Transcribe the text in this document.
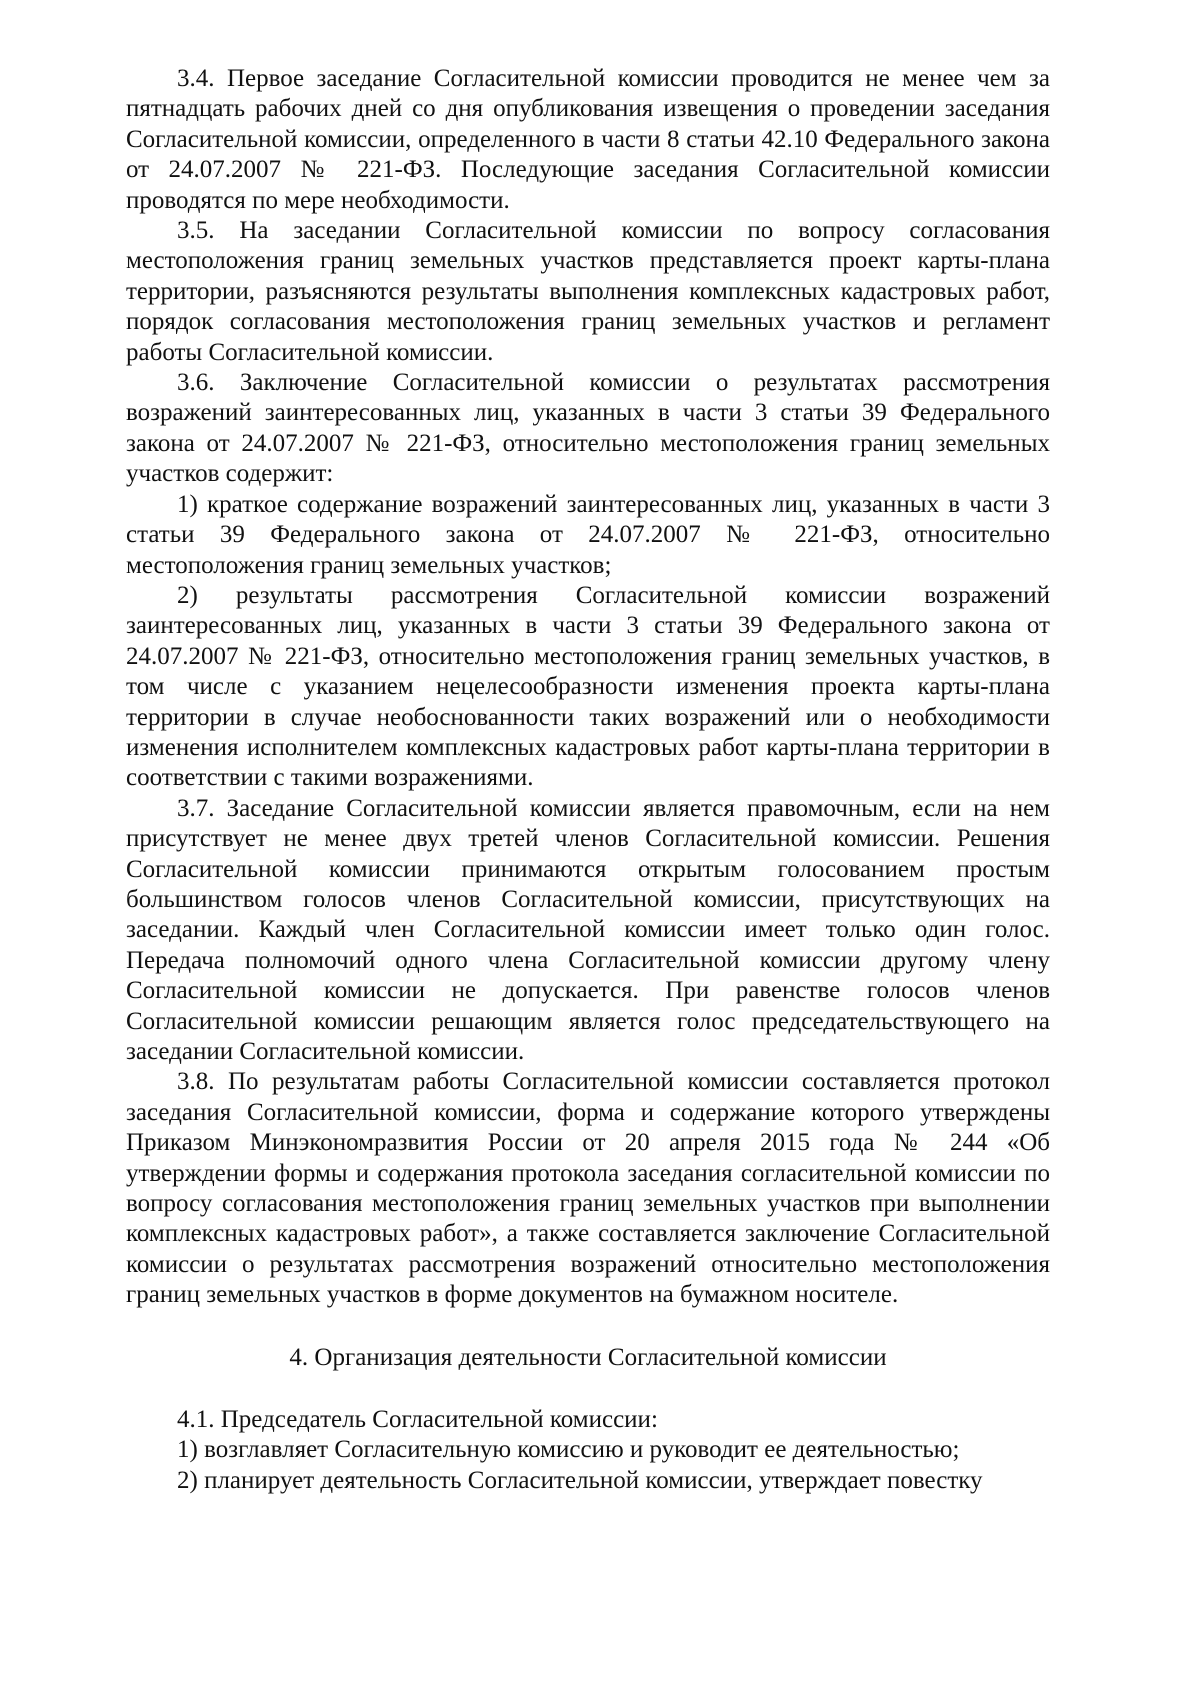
3.4. Первое заседание Согласительной комиссии проводится не менее чем за пятнадцать рабочих дней со дня опубликования извещения о проведении заседания Согласительной комиссии, определенного в части 8 статьи 42.10 Федерального закона от 24.07.2007 № 221-ФЗ. Последующие заседания Согласительной комиссии проводятся по мере необходимости.

3.5. На заседании Согласительной комиссии по вопросу согласования местоположения границ земельных участков представляется проект карты-плана территории, разъясняются результаты выполнения комплексных кадастровых работ, порядок согласования местоположения границ земельных участков и регламент работы Согласительной комиссии.

3.6. Заключение Согласительной комиссии о результатах рассмотрения возражений заинтересованных лиц, указанных в части 3 статьи 39 Федерального закона от 24.07.2007 № 221-ФЗ, относительно местоположения границ земельных участков содержит:

1) краткое содержание возражений заинтересованных лиц, указанных в части 3 статьи 39 Федерального закона от 24.07.2007 № 221-ФЗ, относительно местоположения границ земельных участков;

2) результаты рассмотрения Согласительной комиссии возражений заинтересованных лиц, указанных в части 3 статьи 39 Федерального закона от 24.07.2007 № 221-ФЗ, относительно местоположения границ земельных участков, в том числе с указанием нецелесообразности изменения проекта карты-плана территории в случае необоснованности таких возражений или о необходимости изменения исполнителем комплексных кадастровых работ карты-плана территории в соответствии с такими возражениями.

3.7. Заседание Согласительной комиссии является правомочным, если на нем присутствует не менее двух третей членов Согласительной комиссии. Решения Согласительной комиссии принимаются открытым голосованием простым большинством голосов членов Согласительной комиссии, присутствующих на заседании. Каждый член Согласительной комиссии имеет только один голос. Передача полномочий одного члена Согласительной комиссии другому члену Согласительной комиссии не допускается. При равенстве голосов членов Согласительной комиссии решающим является голос председательствующего на заседании Согласительной комиссии.

3.8. По результатам работы Согласительной комиссии составляется протокол заседания Согласительной комиссии, форма и содержание которого утверждены Приказом Минэкономразвития России от 20 апреля 2015 года № 244 «Об утверждении формы и содержания протокола заседания согласительной комиссии по вопросу согласования местоположения границ земельных участков при выполнении комплексных кадастровых работ», а также составляется заключение Согласительной комиссии о результатах рассмотрения возражений относительно местоположения границ земельных участков в форме документов на бумажном носителе.

4. Организация деятельности Согласительной комиссии

4.1. Председатель Согласительной комиссии:

1) возглавляет Согласительную комиссию и руководит ее деятельностью;

2) планирует деятельность Согласительной комиссии, утверждает повестку
